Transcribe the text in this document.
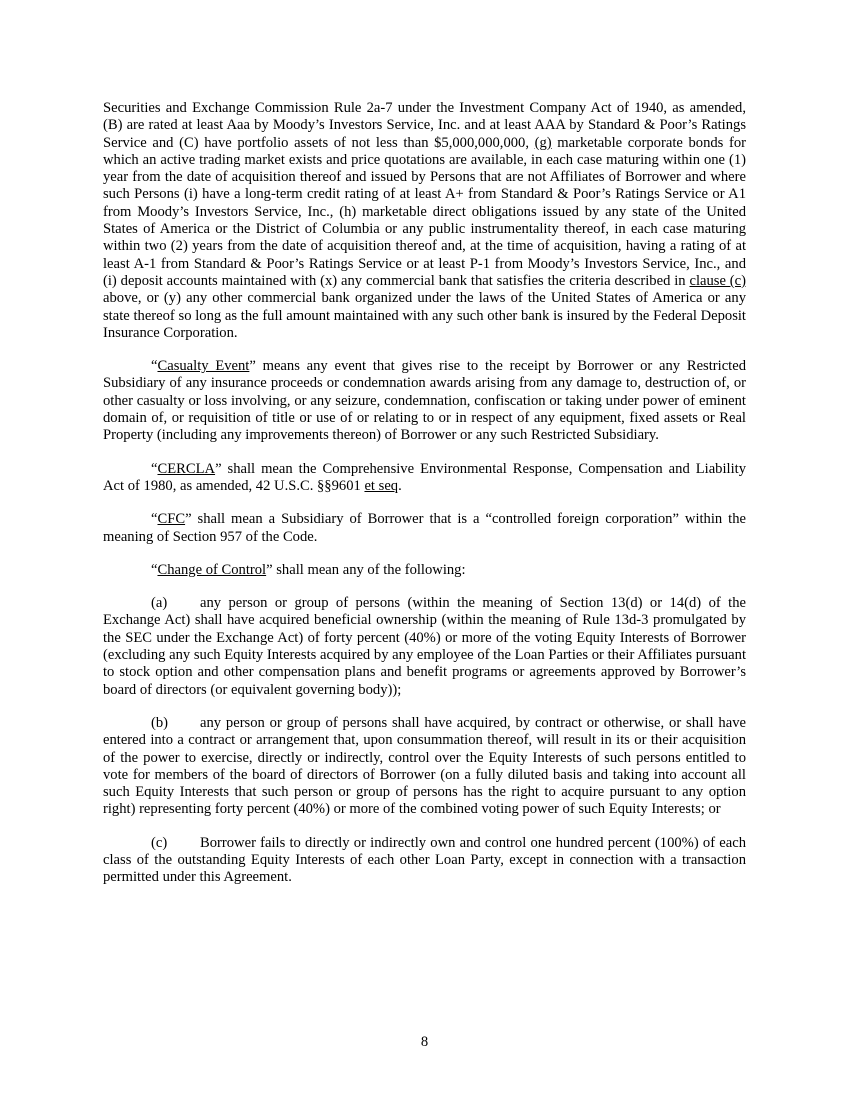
Securities and Exchange Commission Rule 2a-7 under the Investment Company Act of 1940, as amended, (B) are rated at least Aaa by Moody’s Investors Service, Inc. and at least AAA by Standard & Poor’s Ratings Service and (C) have portfolio assets of not less than $5,000,000,000, (g) marketable corporate bonds for which an active trading market exists and price quotations are available, in each case maturing within one (1) year from the date of acquisition thereof and issued by Persons that are not Affiliates of Borrower and where such Persons (i) have a long-term credit rating of at least A+ from Standard & Poor’s Ratings Service or A1 from Moody’s Investors Service, Inc., (h) marketable direct obligations issued by any state of the United States of America or the District of Columbia or any public instrumentality thereof, in each case maturing within two (2) years from the date of acquisition thereof and, at the time of acquisition, having a rating of at least A-1 from Standard & Poor’s Ratings Service or at least P-1 from Moody’s Investors Service, Inc., and (i) deposit accounts maintained with (x) any commercial bank that satisfies the criteria described in clause (c) above, or (y) any other commercial bank organized under the laws of the United States of America or any state thereof so long as the full amount maintained with any such other bank is insured by the Federal Deposit Insurance Corporation.

“Casualty Event” means any event that gives rise to the receipt by Borrower or any Restricted Subsidiary of any insurance proceeds or condemnation awards arising from any damage to, destruction of, or other casualty or loss involving, or any seizure, condemnation, confiscation or taking under power of eminent domain of, or requisition of title or use of or relating to or in respect of any equipment, fixed assets or Real Property (including any improvements thereon) of Borrower or any such Restricted Subsidiary.

“CERCLA” shall mean the Comprehensive Environmental Response, Compensation and Liability Act of 1980, as amended, 42 U.S.C. §§9601 et seq.

“CFC” shall mean a Subsidiary of Borrower that is a “controlled foreign corporation” within the meaning of Section 957 of the Code.

“Change of Control” shall mean any of the following:

(a) any person or group of persons (within the meaning of Section 13(d) or 14(d) of the Exchange Act) shall have acquired beneficial ownership (within the meaning of Rule 13d-3 promulgated by the SEC under the Exchange Act) of forty percent (40%) or more of the voting Equity Interests of Borrower (excluding any such Equity Interests acquired by any employee of the Loan Parties or their Affiliates pursuant to stock option and other compensation plans and benefit programs or agreements approved by Borrower’s board of directors (or equivalent governing body));

(b) any person or group of persons shall have acquired, by contract or otherwise, or shall have entered into a contract or arrangement that, upon consummation thereof, will result in its or their acquisition of the power to exercise, directly or indirectly, control over the Equity Interests of such persons entitled to vote for members of the board of directors of Borrower (on a fully diluted basis and taking into account all such Equity Interests that such person or group of persons has the right to acquire pursuant to any option right) representing forty percent (40%) or more of the combined voting power of such Equity Interests; or

(c) Borrower fails to directly or indirectly own and control one hundred percent (100%) of each class of the outstanding Equity Interests of each other Loan Party, except in connection with a transaction permitted under this Agreement.

8
